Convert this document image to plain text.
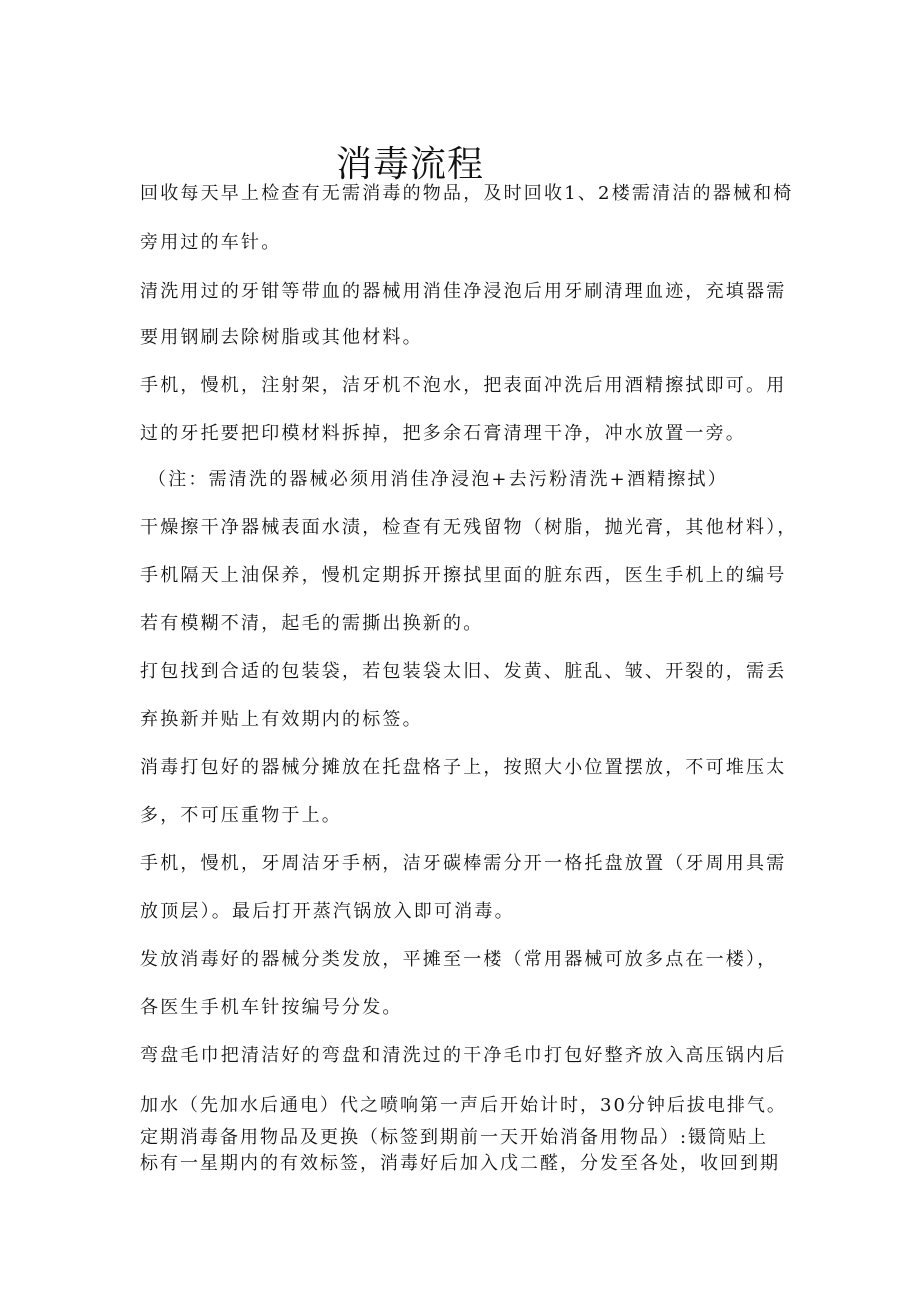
消毒流程
回收每天早上检查有无需消毒的物品，及时回收1、2楼需清洁的器械和椅
旁用过的车针。
清洗用过的牙钳等带血的器械用消佳净浸泡后用牙刷清理血迹，充填器需
要用钢刷去除树脂或其他材料。
手机，慢机，注射架，洁牙机不泡水，把表面冲洗后用酒精擦拭即可。用
过的牙托要把印模材料拆掉，把多余石膏清理干净，冲水放置一旁。
（注：需清洗的器械必须用消佳净浸泡+去污粉清洗+酒精擦拭）
干燥擦干净器械表面水渍，检查有无残留物（树脂，抛光膏，其他材料），
手机隔天上油保养，慢机定期拆开擦拭里面的脏东西，医生手机上的编号
若有模糊不清，起毛的需撕出换新的。
打包找到合适的包装袋，若包装袋太旧、发黄、脏乱、皱、开裂的，需丢
弃换新并贴上有效期内的标签。
消毒打包好的器械分摊放在托盘格子上，按照大小位置摆放，不可堆压太
多，不可压重物于上。
手机，慢机，牙周洁牙手柄，洁牙碳棒需分开一格托盘放置（牙周用具需
放顶层）。最后打开蒸汽锅放入即可消毒。
发放消毒好的器械分类发放，平摊至一楼（常用器械可放多点在一楼），
各医生手机车针按编号分发。
弯盘毛巾把清洁好的弯盘和清洗过的干净毛巾打包好整齐放入高压锅内后
加水（先加水后通电）代之喷响第一声后开始计时，30分钟后拔电排气。
定期消毒备用物品及更换（标签到期前一天开始消备用物品）:镊筒贴上
标有一星期内的有效标签，消毒好后加入戊二醛，分发至各处，收回到期
